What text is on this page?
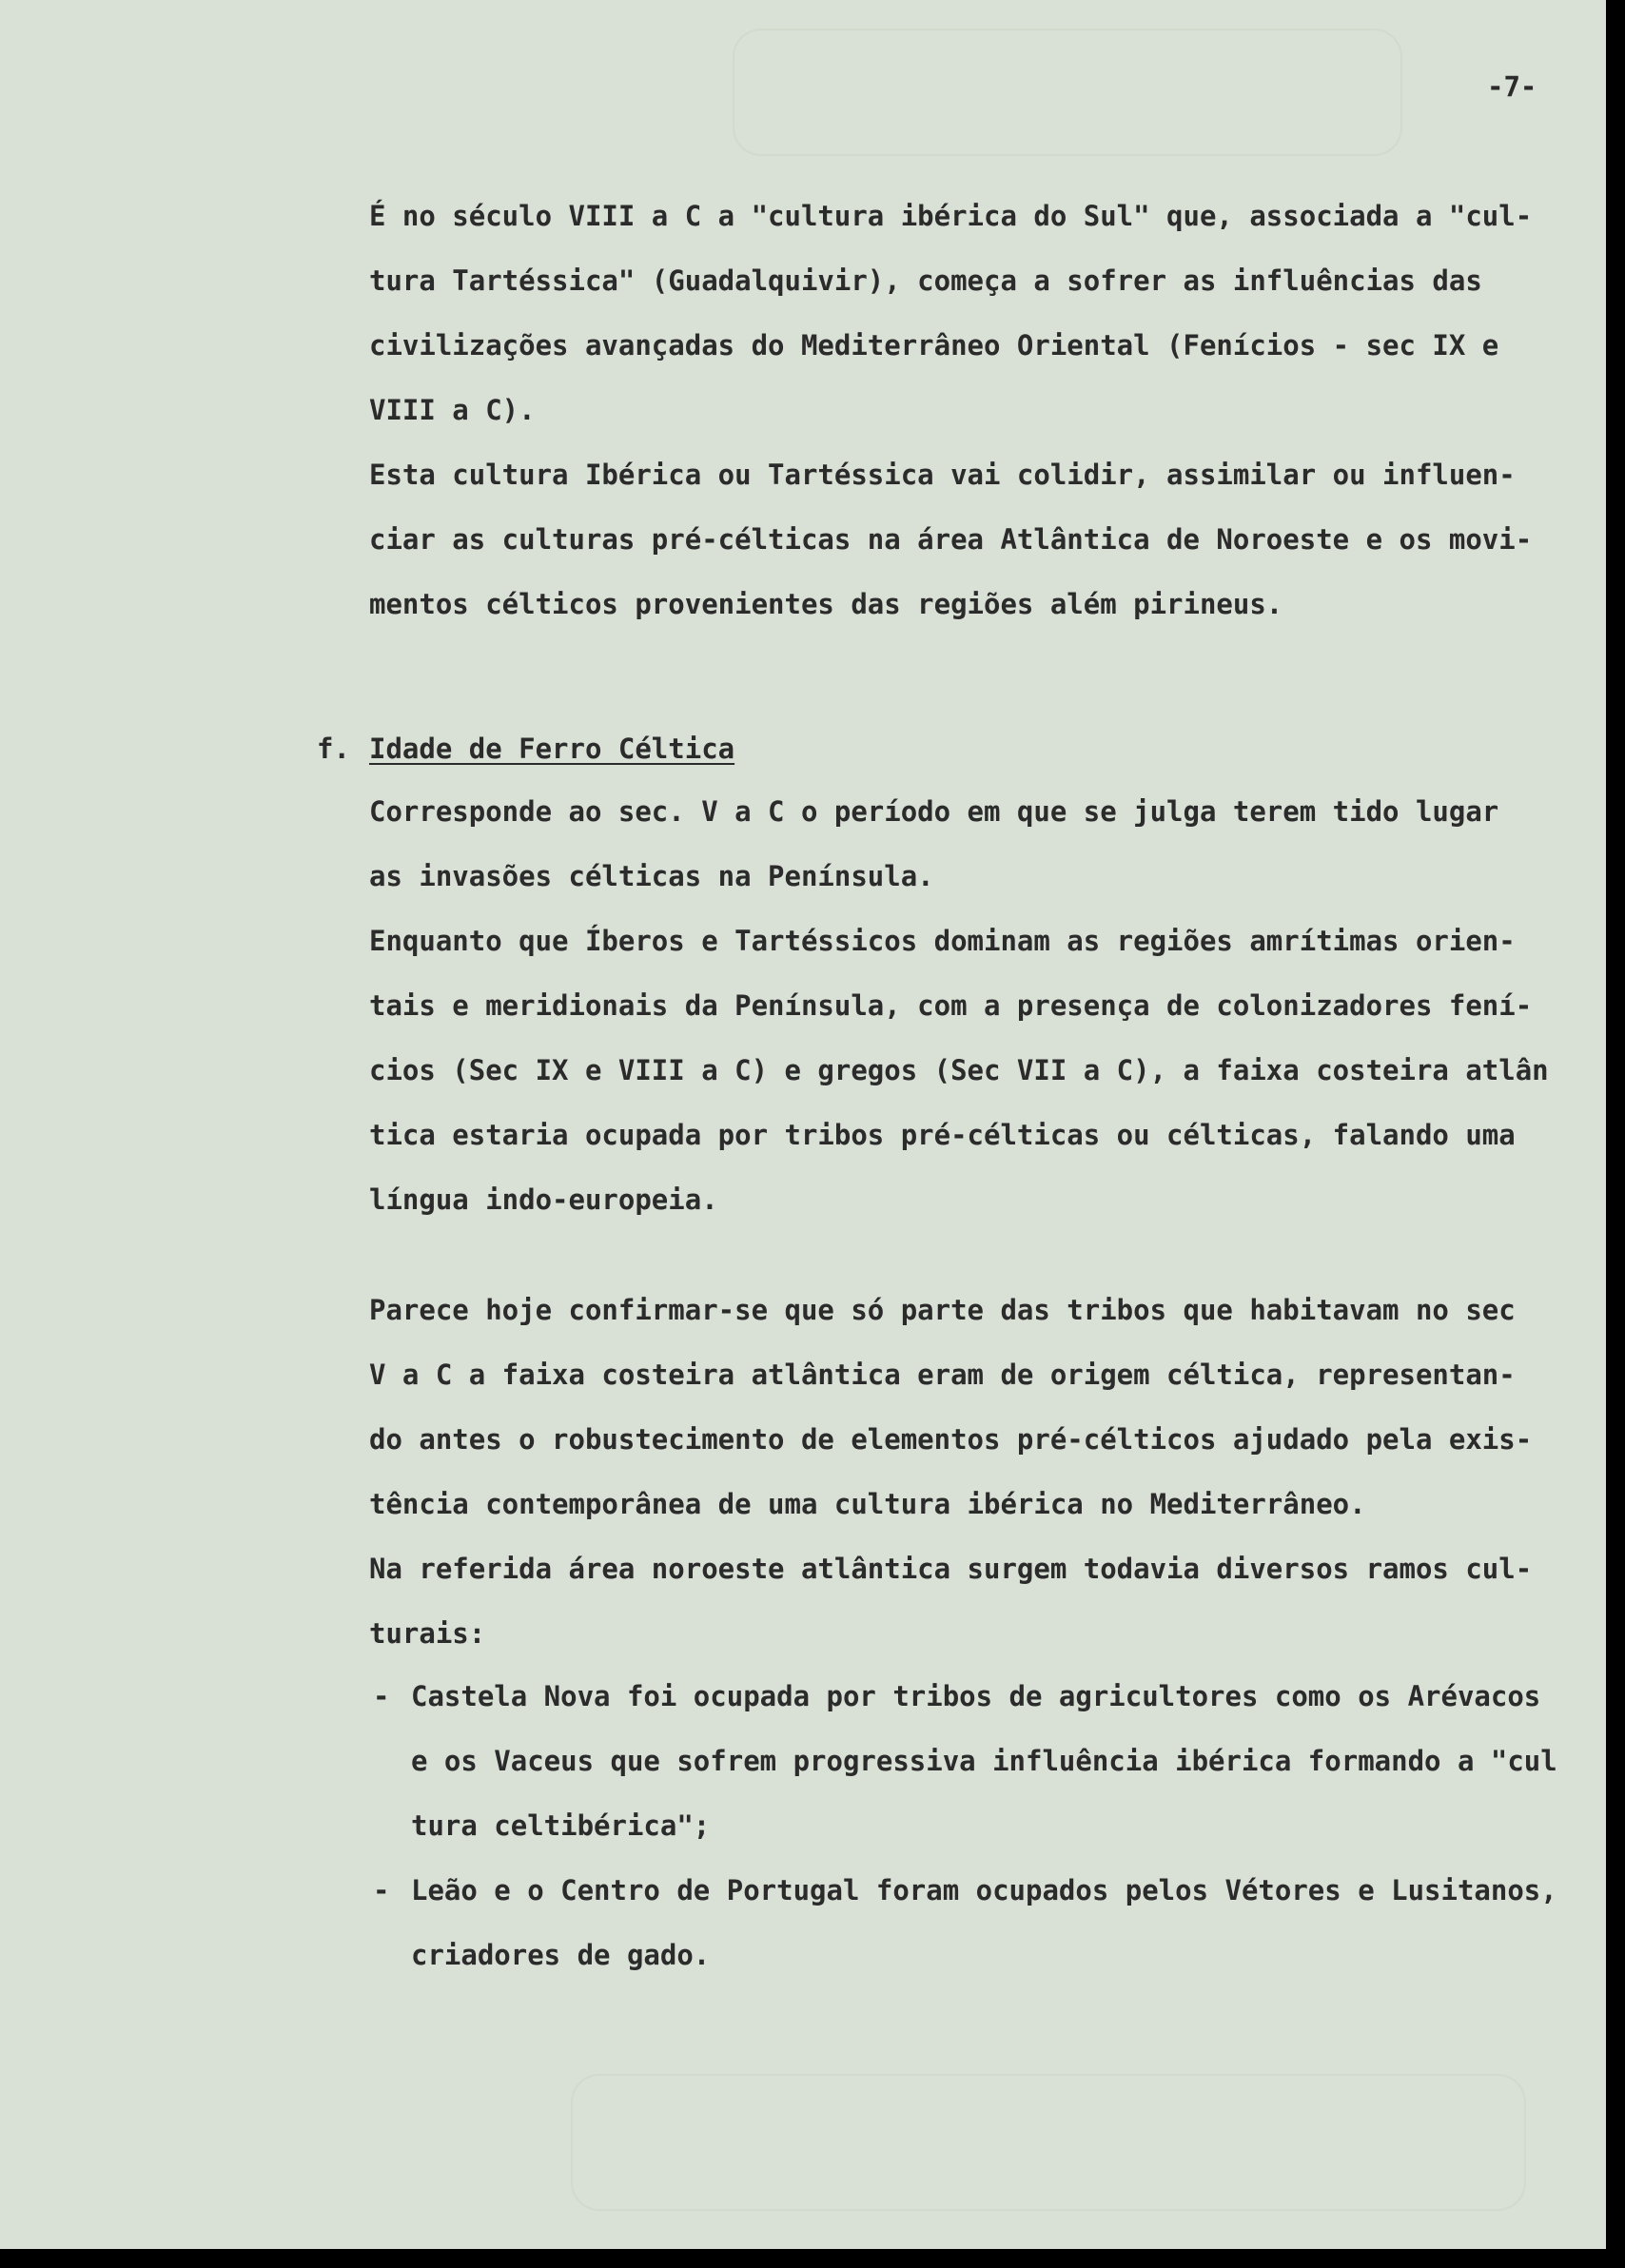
-7-
É no século VIII a C a "cultura ibérica do Sul" que, associada a "cul-
tura Tartéssica" (Guadalquivir), começa a sofrer as influências das
civilizações avançadas do Mediterrâneo Oriental (Fenícios - sec IX e
VIII a C).
Esta cultura Ibérica ou Tartéssica vai colidir, assimilar ou influen-
ciar as culturas pré-célticas na área Atlântica de Noroeste e os movi-
mentos célticos provenientes das regiões além pirineus.
f. Idade de Ferro Céltica
Corresponde ao sec. V a C o período em que se julga terem tido lugar
as invasões célticas na Península.
Enquanto que Íberos e Tartéssicos dominam as regiões amrítimas orien-
tais e meridionais da Península, com a presença de colonizadores fení-
cios (Sec IX e VIII a C) e gregos (Sec VII a C), a faixa costeira atlân
tica estaria ocupada por tribos pré-célticas ou célticas, falando uma
língua indo-europeia.
Parece hoje confirmar-se que só parte das tribos que habitavam no sec
V a C a faixa costeira atlântica eram de origem céltica, representan-
do antes o robustecimento de elementos pré-célticos ajudado pela exis-
tência contemporânea de uma cultura ibérica no Mediterrâneo.
Na referida área noroeste atlântica surgem todavia diversos ramos cul-
turais:
- Castela Nova foi ocupada por tribos de agricultores como os Arévacos
e os Vaceus que sofrem progressiva influência ibérica formando a "cul
tura celtibérica";
- Leão e o Centro de Portugal foram ocupados pelos Vétores e Lusitanos,
criadores de gado.
